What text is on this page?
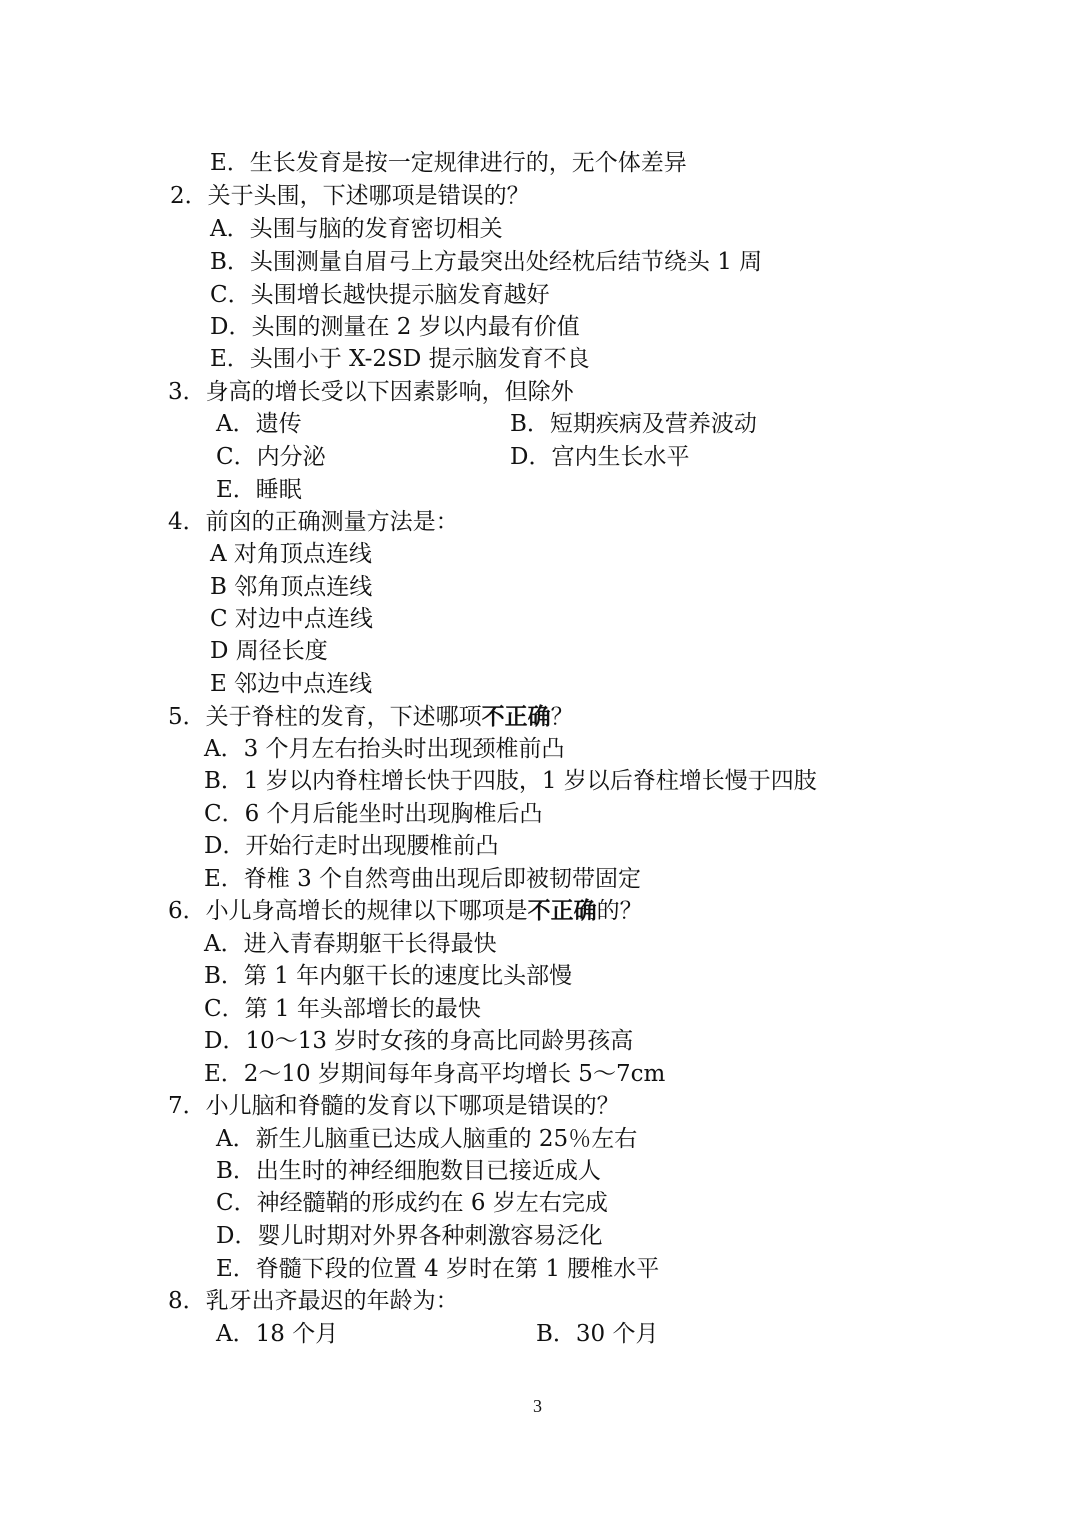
E．生长发育是按一定规律进行的，无个体差异
2．关于头围，下述哪项是错误的？
A．头围与脑的发育密切相关
B．头围测量自眉弓上方最突出处经枕后结节绕头 1 周
C．头围增长越快提示脑发育越好
D．头围的测量在 2 岁以内最有价值
E．头围小于 X-2SD 提示脑发育不良
3．身高的增长受以下因素影响，但除外
A．遗传	B．短期疾病及营养波动
C．内分泌	D．宫内生长水平
E．睡眠
4．前囟的正确测量方法是：
A 对角顶点连线
B 邻角顶点连线
C 对边中点连线
D 周径长度
E 邻边中点连线
5．关于脊柱的发育，下述哪项不正确？
A．3 个月左右抬头时出现颈椎前凸
B．1 岁以内脊柱增长快于四肢，1 岁以后脊柱增长慢于四肢
C．6 个月后能坐时出现胸椎后凸
D．开始行走时出现腰椎前凸
E．脊椎 3 个自然弯曲出现后即被韧带固定
6．小儿身高增长的规律以下哪项是不正确的？
A．进入青春期躯干长得最快
B．第 1 年内躯干长的速度比头部慢
C．第 1 年头部增长的最快
D．10～13 岁时女孩的身高比同龄男孩高
E．2～10 岁期间每年身高平均增长 5～7cm
7．小儿脑和脊髓的发育以下哪项是错误的？
A．新生儿脑重已达成人脑重的 25％左右
B．出生时的神经细胞数目已接近成人
C．神经髓鞘的形成约在 6 岁左右完成
D．婴儿时期对外界各种刺激容易泛化
E．脊髓下段的位置 4 岁时在第 1 腰椎水平
8．乳牙出齐最迟的年龄为：
A．18 个月	B．30 个月
3
